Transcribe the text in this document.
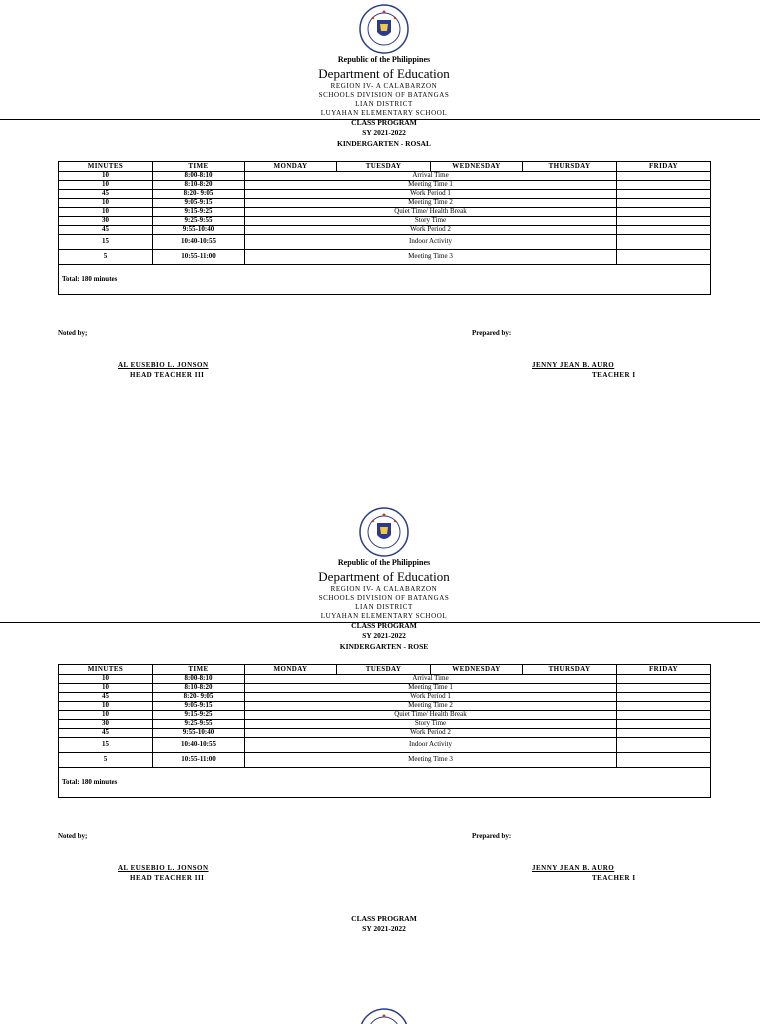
Republic of the Philippines
Department of Education
REGION IV- A CALABARZON
SCHOOLS DIVISION OF BATANGAS
LIAN DISTRICT
LUYAHAN ELEMENTARY SCHOOL
CLASS PROGRAM
SY 2021-2022
KINDERGARTEN - ROSAL
MINUTES	TIME	MONDAY	TUESDAY	WEDNESDAY	THURSDAY	FRIDAY
10	8:00-8:10	Arrival Time				
10	8:10-8:20	Meeting Time 1				
45	8:20- 9:05	Work Period 1				
10	9:05-9:15	Meeting Time 2				
10	9:15-9:25	Quiet Time/ Health Break				
30	9:25-9:55	Story Time				
45	9:55-10:40	Work Period 2				
15	10:40-10:55	Indoor Activity				
5	10:55-11:00	Meeting Time 3				
Total: 180 minutes						
Noted by;	Prepared by:
AL EUSEBIO L. JONSON
HEAD TEACHER III
JENNY JEAN B. AURO
TEACHER I
Republic of the Philippines
Department of Education
REGION IV- A CALABARZON
SCHOOLS DIVISION OF BATANGAS
LIAN DISTRICT
LUYAHAN ELEMENTARY SCHOOL
CLASS PROGRAM
SY 2021-2022
KINDERGARTEN - ROSE
MINUTES	TIME	MONDAY	TUESDAY	WEDNESDAY	THURSDAY	FRIDAY
10	8:00-8:10	Arrival Time				
10	8:10-8:20	Meeting Time 1				
45	8:20- 9:05	Work Period 1				
10	9:05-9:15	Meeting Time 2				
10	9:15-9:25	Quiet Time/ Health Break				
30	9:25-9:55	Story Time				
45	9:55-10:40	Work Period 2				
15	10:40-10:55	Indoor Activity				
5	10:55-11:00	Meeting Time 3				
Total: 180 minutes						
Noted by;	Prepared by:
AL EUSEBIO L. JONSON
HEAD TEACHER III
JENNY JEAN B. AURO
TEACHER I
CLASS PROGRAM
SY 2021-2022
